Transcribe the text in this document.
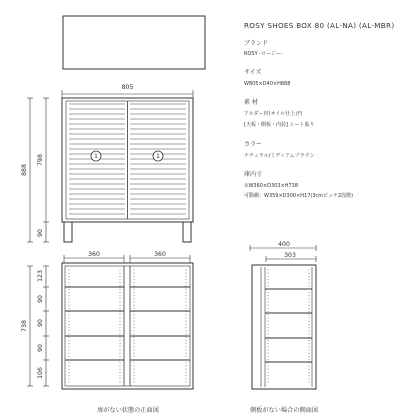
ROSY SHOES BOX 80 (AL-NA) (AL-MBR)
ブランド
ROSY -ロージー-
サイズ
W805×D40×H888
素 材
アルダー材(オイル仕上げ)
[天板・側板・内装] シート貼り
カラー
ナチュラル/ミディアムブラウン
庫内寸
①W360×D303×H738
可動棚：W359×D300×H17(3cmピッチ2段階)
1	1
805
888
798
90
360	360
738
123
90
90
90
106
扉がない状態の正面図
400
303
側板がない場合の側面図
